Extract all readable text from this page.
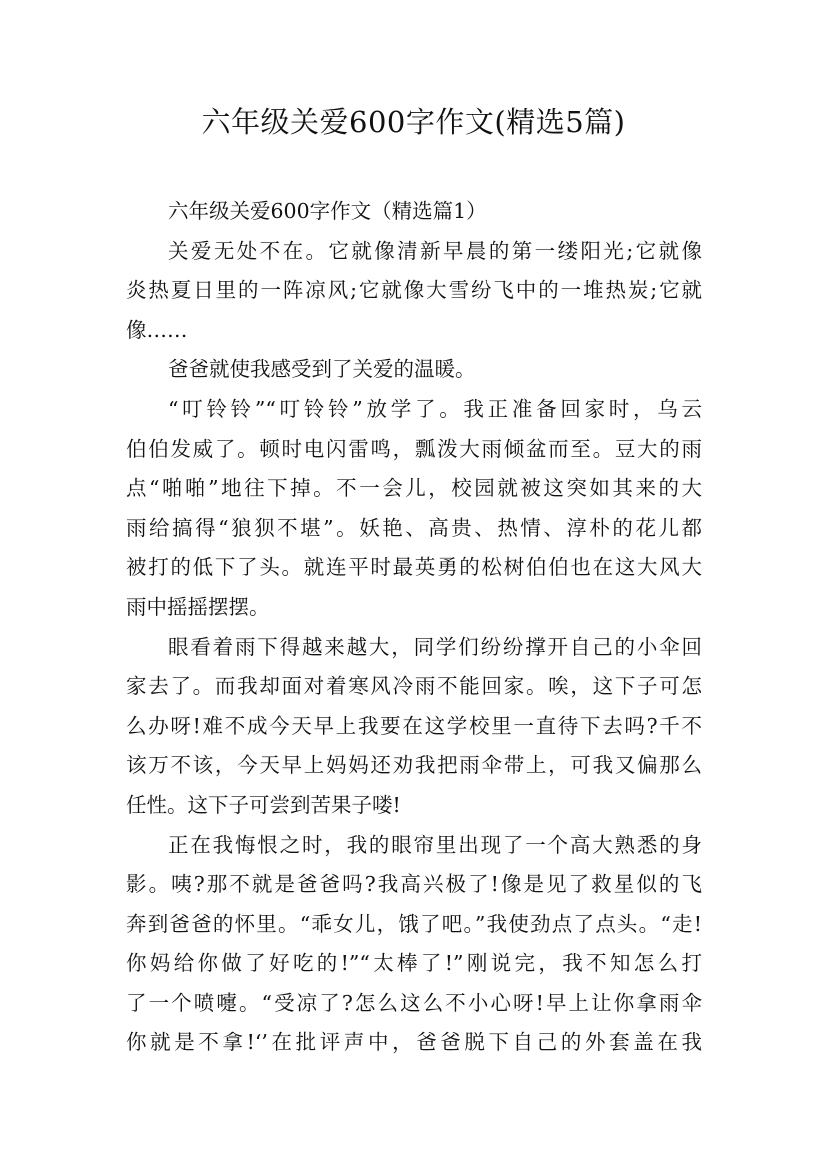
六年级关爱600字作文(精选5篇)
六年级关爱600字作文（精选篇1）
关爱无处不在。它就像清新早晨的第一缕阳光;它就像
炎热夏日里的一阵凉风;它就像大雪纷飞中的一堆热炭;它就
像……
爸爸就使我感受到了关爱的温暖。
“叮铃铃”“叮铃铃”放学了。我正准备回家时，乌云
伯伯发威了。顿时电闪雷鸣，瓢泼大雨倾盆而至。豆大的雨
点“啪啪”地往下掉。不一会儿，校园就被这突如其来的大
雨给搞得“狼狈不堪”。妖艳、高贵、热情、淳朴的花儿都
被打的低下了头。就连平时最英勇的松树伯伯也在这大风大
雨中摇摇摆摆。
眼看着雨下得越来越大，同学们纷纷撑开自己的小伞回
家去了。而我却面对着寒风冷雨不能回家。唉，这下子可怎
么办呀!难不成今天早上我要在这学校里一直待下去吗?千不
该万不该，今天早上妈妈还劝我把雨伞带上，可我又偏那么
任性。这下子可尝到苦果子喽!
正在我悔恨之时，我的眼帘里出现了一个高大熟悉的身
影。咦?那不就是爸爸吗?我高兴极了!像是见了救星似的飞
奔到爸爸的怀里。“乖女儿，饿了吧。”我使劲点了点头。“走!
你妈给你做了好吃的!”“太棒了!”刚说完，我不知怎么打
了一个喷嚏。“受凉了?怎么这么不小心呀!早上让你拿雨伞
你就是不拿!‘’在批评声中，爸爸脱下自己的外套盖在我
